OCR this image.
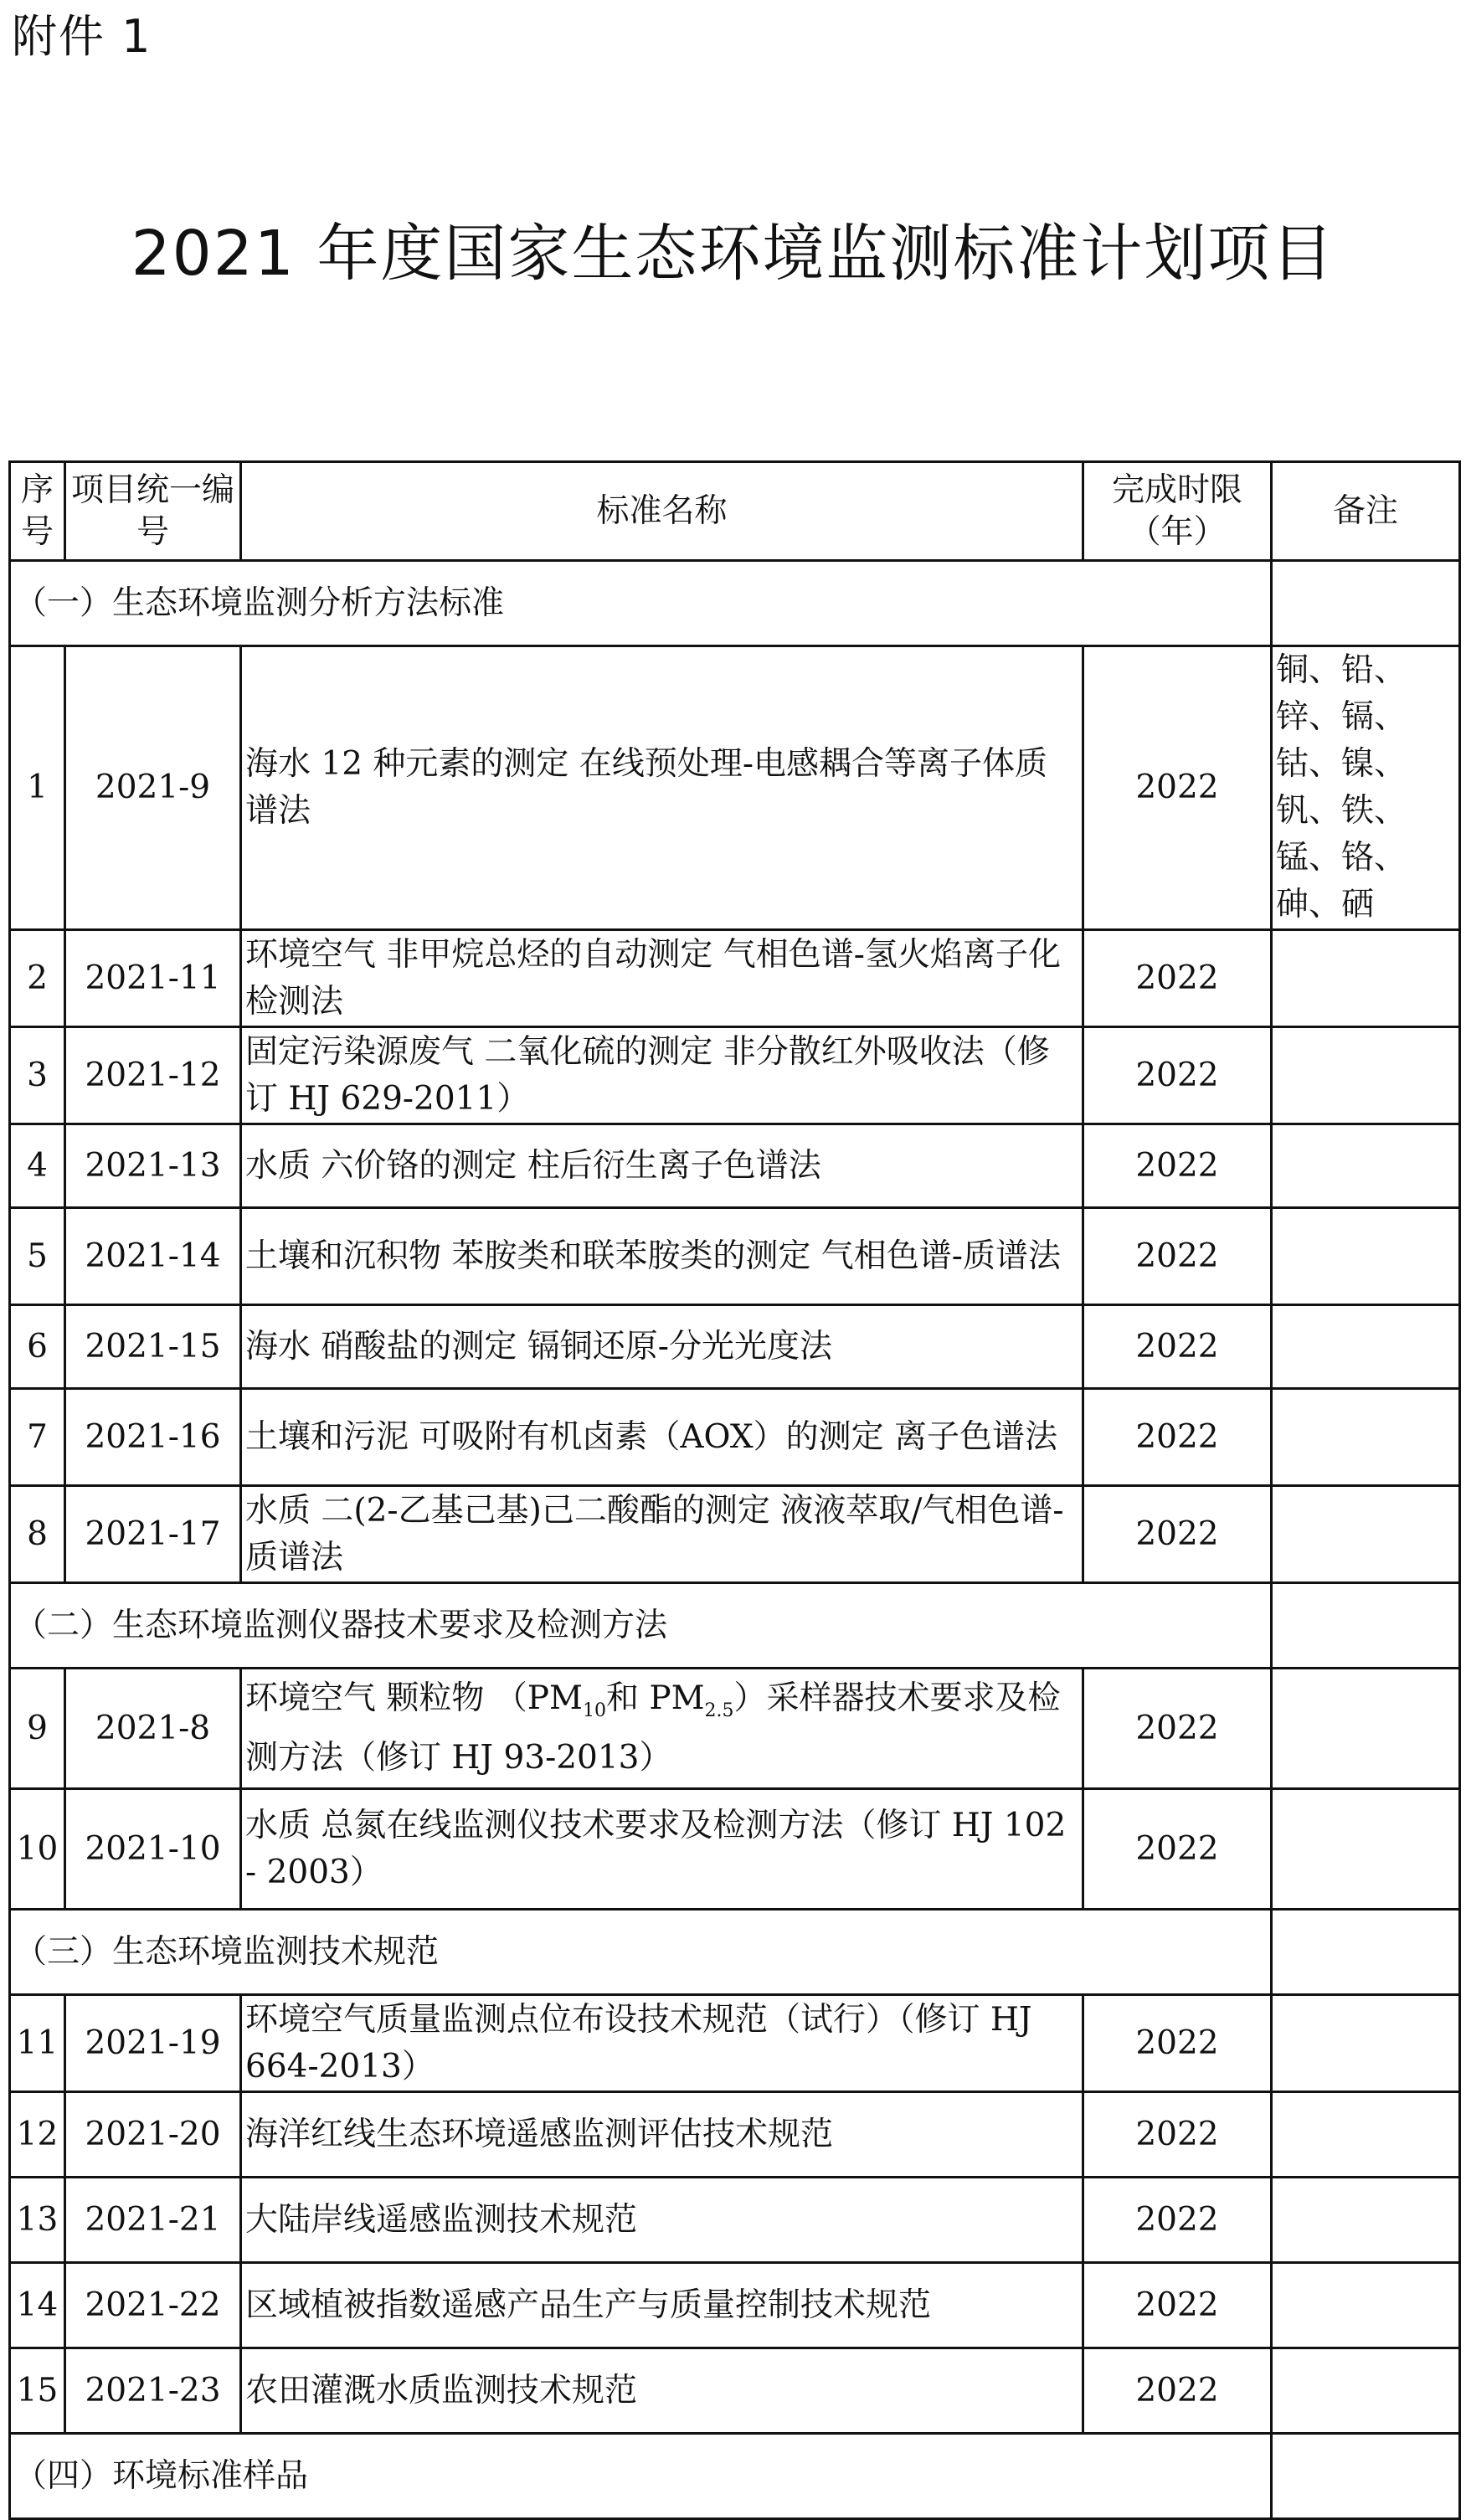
附件 1
2021 年度国家生态环境监测标准计划项目
序号	项目统一编号	标准名称	完成时限（年）	备注
（一）生态环境监测分析方法标准				
1	2021-9	海水 12 种元素的测定 在线预处理-电感耦合等离子体质谱法	2022	铜、铅、锌、镉、钴、镍、钒、铁、锰、铬、砷、硒
2	2021-11	环境空气 非甲烷总烃的自动测定 气相色谱-氢火焰离子化检测法	2022	
3	2021-12	固定污染源废气 二氧化硫的测定 非分散红外吸收法（修订 HJ 629-2011）	2022	
4	2021-13	水质 六价铬的测定 柱后衍生离子色谱法	2022	
5	2021-14	土壤和沉积物 苯胺类和联苯胺类的测定 气相色谱-质谱法	2022	
6	2021-15	海水 硝酸盐的测定 镉铜还原-分光光度法	2022	
7	2021-16	土壤和污泥 可吸附有机卤素（AOX）的测定 离子色谱法	2022	
8	2021-17	水质 二(2-乙基己基)己二酸酯的测定 液液萃取/气相色谱-质谱法	2022	
（二）生态环境监测仪器技术要求及检测方法				
9	2021-8	环境空气 颗粒物 （$PM_{10}$和 $PM_{2.5}$）采样器技术要求及检测方法（修订 HJ 93-2013）	2022	
10	2021-10	水质 总氮在线监测仪技术要求及检测方法（修订 HJ 102 - 2003）	2022	
（三）生态环境监测技术规范				
11	2021-19	环境空气质量监测点位布设技术规范（试行）（修订 HJ 664-2013）	2022	
12	2021-20	海洋红线生态环境遥感监测评估技术规范	2022	
13	2021-21	大陆岸线遥感监测技术规范	2022	
14	2021-22	区域植被指数遥感产品生产与质量控制技术规范	2022	
15	2021-23	农田灌溉水质监测技术规范	2022	
（四）环境标准样品				
